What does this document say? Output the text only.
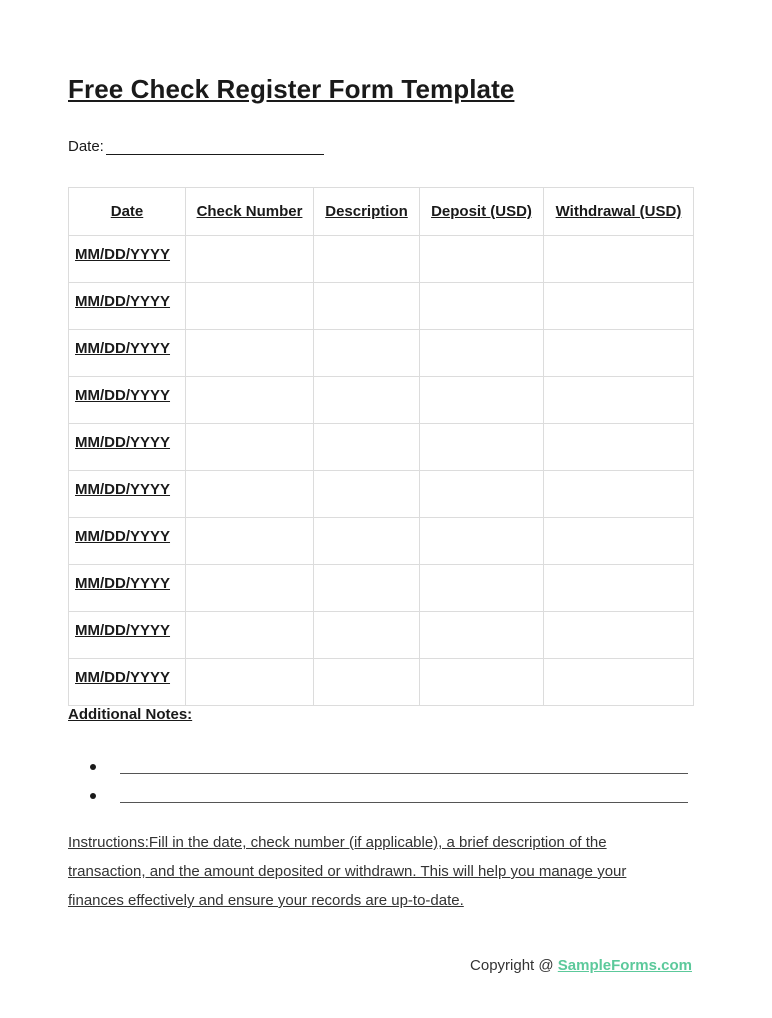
Free Check Register Form Template
Date:
Date	Check Number	Description	Deposit (USD)	Withdrawal (USD)
MM/DD/YYYY				
MM/DD/YYYY				
MM/DD/YYYY				
MM/DD/YYYY				
MM/DD/YYYY				
MM/DD/YYYY				
MM/DD/YYYY				
MM/DD/YYYY				
MM/DD/YYYY				
MM/DD/YYYY				
Additional Notes:
Instructions:Fill in the date, check number (if applicable), a brief description of the transaction, and the amount deposited or withdrawn. This will help you manage your finances effectively and ensure your records are up-to-date.
Copyright @ SampleForms.com
